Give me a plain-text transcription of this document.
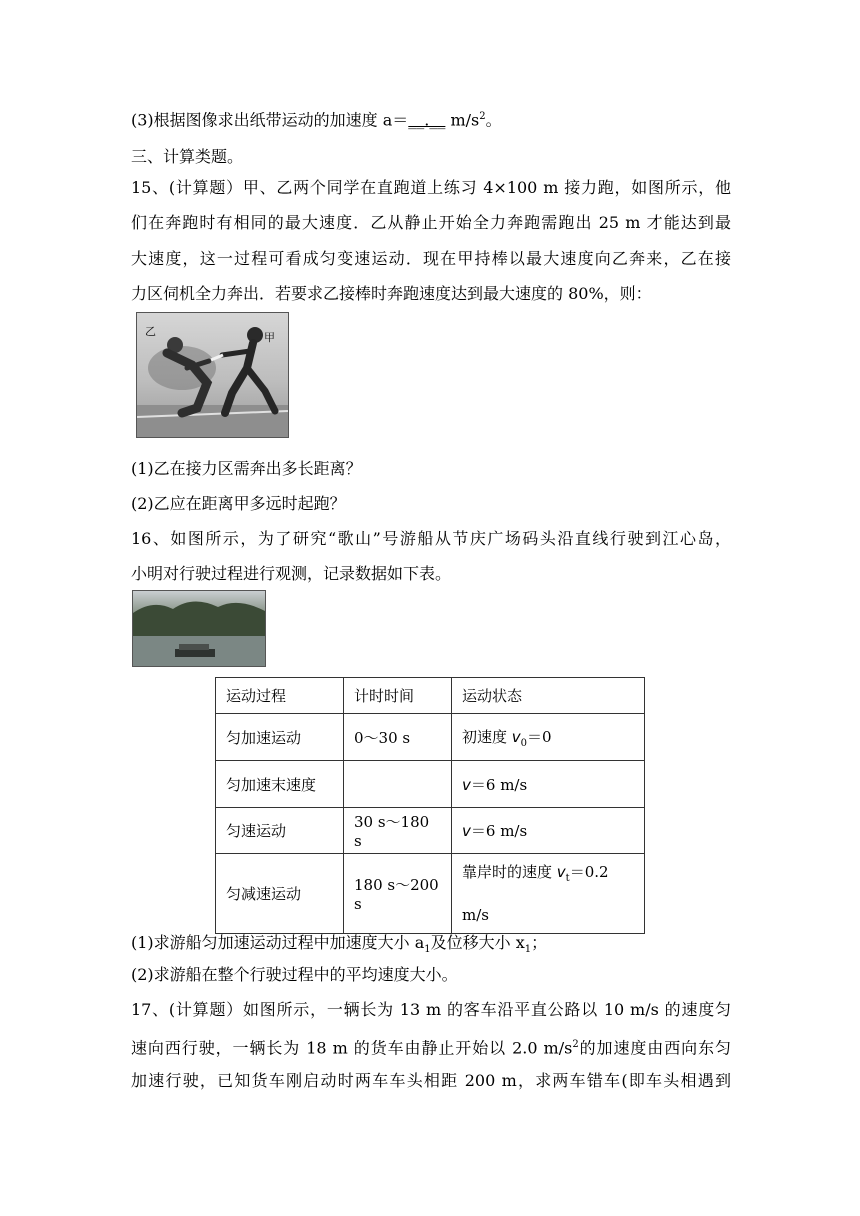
(3)根据图像求出纸带运动的加速度 a＝__.__ $m/s^2$。
三、计算类题。
15、(计算题）甲、乙两个同学在直跑道上练习 4×100 m 接力跑，如图所示，他
们在奔跑时有相同的最大速度．乙从静止开始全力奔跑需跑出 25 m 才能达到最
大速度，这一过程可看成匀变速运动．现在甲持棒以最大速度向乙奔来，乙在接
力区伺机全力奔出．若要求乙接棒时奔跑速度达到最大速度的 80%，则：
乙	甲
(1)乙在接力区需奔出多长距离？
(2)乙应在距离甲多远时起跑？
16、如图所示，为了研究“歌山”号游船从节庆广场码头沿直线行驶到江心岛，
小明对行驶过程进行观测，记录数据如下表。
运动过程	计时时间	运动状态
匀加速运动	0～30 s	初速度 $v_0=0$
匀加速末速度		v＝6 m/s
匀速运动	30 s～180 s	v＝6 m/s
匀减速运动	180 s～200 s	靠岸时的速度 $v_t=0.2$
m/s
(1)求游船匀加速运动过程中加速度大小 $a_1$及位移大小 $x_1$；
(2)求游船在整个行驶过程中的平均速度大小。
17、(计算题）如图所示，一辆长为 13 m 的客车沿平直公路以 10 m/s 的速度匀
速向西行驶，一辆长为 18 m 的货车由静止开始以 2.0 $m/s^2$的加速度由西向东匀
加速行驶，已知货车刚启动时两车车头相距 200 m，求两车错车(即车头相遇到
